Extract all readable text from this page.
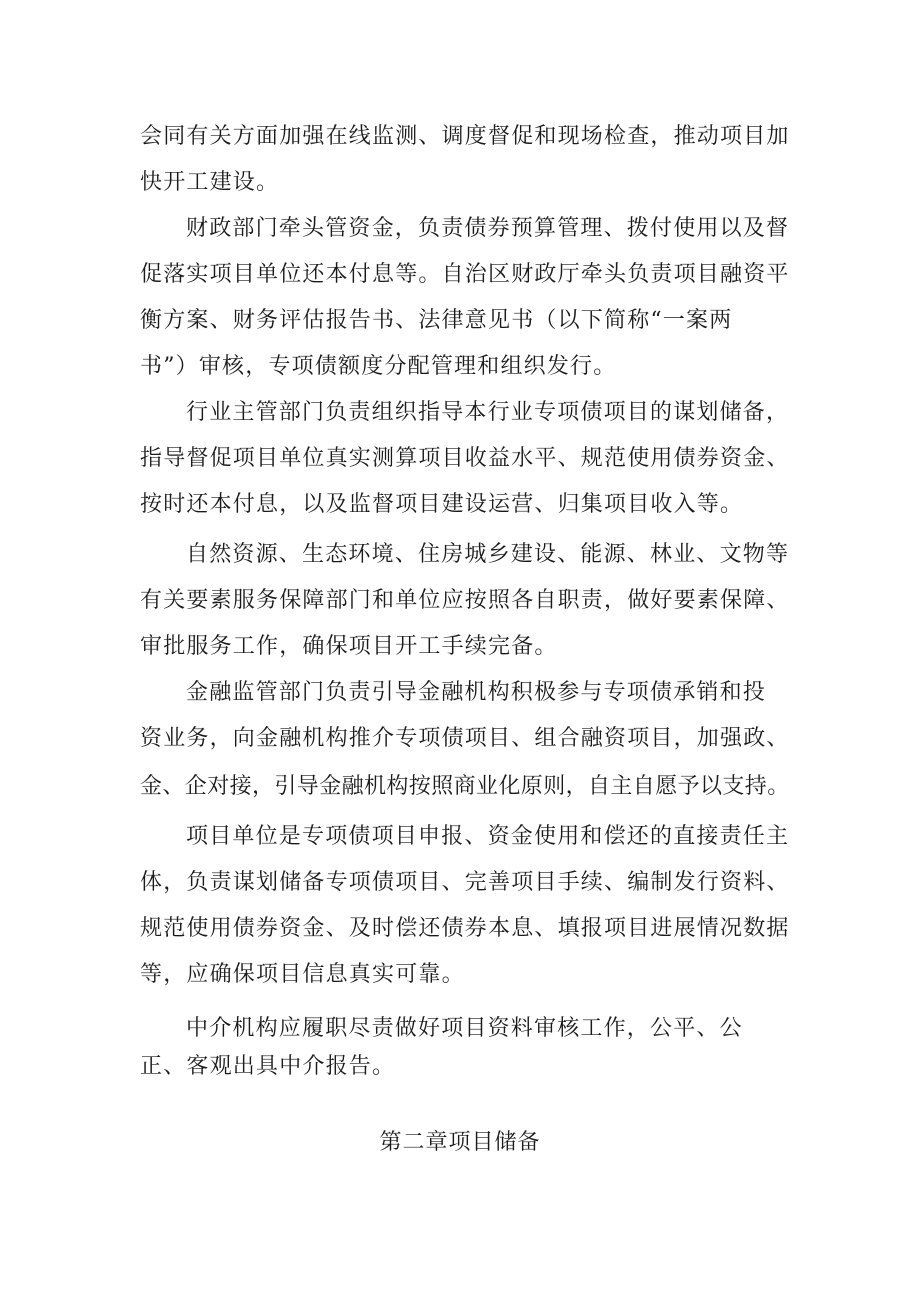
会同有关方面加强在线监测、调度督促和现场检查，推动项目加
快开工建设。
财政部门牵头管资金，负责债券预算管理、拨付使用以及督
促落实项目单位还本付息等。自治区财政厅牵头负责项目融资平
衡方案、财务评估报告书、法律意见书（以下简称“一案两
书”）审核，专项债额度分配管理和组织发行。
行业主管部门负责组织指导本行业专项债项目的谋划储备，
指导督促项目单位真实测算项目收益水平、规范使用债券资金、
按时还本付息，以及监督项目建设运营、归集项目收入等。
自然资源、生态环境、住房城乡建设、能源、林业、文物等
有关要素服务保障部门和单位应按照各自职责，做好要素保障、
审批服务工作，确保项目开工手续完备。
金融监管部门负责引导金融机构积极参与专项债承销和投
资业务，向金融机构推介专项债项目、组合融资项目，加强政、
金、企对接，引导金融机构按照商业化原则，自主自愿予以支持。
项目单位是专项债项目申报、资金使用和偿还的直接责任主
体，负责谋划储备专项债项目、完善项目手续、编制发行资料、
规范使用债券资金、及时偿还债券本息、填报项目进展情况数据
等，应确保项目信息真实可靠。
中介机构应履职尽责做好项目资料审核工作，公平、公
正、客观出具中介报告。
第二章项目储备
